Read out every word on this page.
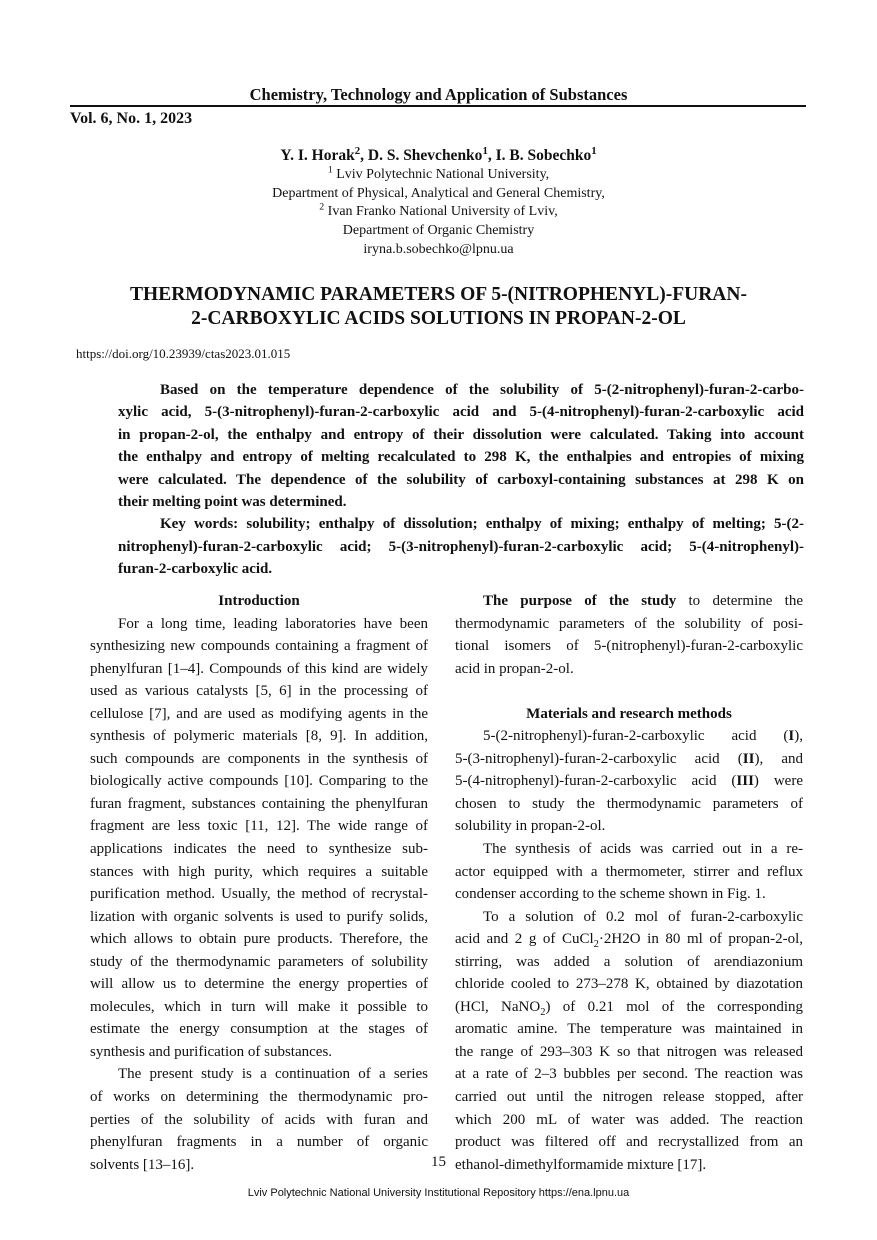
Chemistry, Technology and Application of Substances
Vol. 6, No. 1, 2023
Y. I. Horak$^2$, D. S. Shevchenko$^1$, I. B. Sobechko$^1$
$^1$ Lviv Polytechnic National University,
Department of Physical, Analytical and General Chemistry,
$^2$ Ivan Franko National University of Lviv,
Department of Organic Chemistry
iryna.b.sobechko@lpnu.ua
THERMODYNAMIC PARAMETERS OF 5-(NITROPHENYL)-FURAN-
2-CARBOXYLIC ACIDS SOLUTIONS IN PROPAN-2-OL
https://doi.org/10.23939/ctas2023.01.015
Based on the temperature dependence of the solubility of 5-(2-nitrophenyl)-furan-2-carbo-
xylic acid, 5-(3-nitrophenyl)-furan-2-carboxylic acid and 5-(4-nitrophenyl)-furan-2-carboxylic acid
in propan-2-ol, the enthalpy and entropy of their dissolution were calculated. Taking into account
the enthalpy and entropy of melting recalculated to 298 K, the enthalpies and entropies of mixing
were calculated. The dependence of the solubility of carboxyl-containing substances at 298 K on
their melting point was determined.
Key words: solubility; enthalpy of dissolution; enthalpy of mixing; enthalpy of melting; 5-(2-
nitrophenyl)-furan-2-carboxylic acid; 5-(3-nitrophenyl)-furan-2-carboxylic acid; 5-(4-nitrophenyl)-
furan-2-carboxylic acid.
Introduction
For a long time, leading laboratories have been
synthesizing new compounds containing a fragment of
phenylfuran [1–4]. Compounds of this kind are widely
used as various catalysts [5, 6] in the processing of
cellulose [7], and are used as modifying agents in the
synthesis of polymeric materials [8, 9]. In addition,
such compounds are components in the synthesis of
biologically active compounds [10]. Comparing to the
furan fragment, substances containing the phenylfuran
fragment are less toxic [11, 12]. The wide range of
applications indicates the need to synthesize sub-
stances with high purity, which requires a suitable
purification method. Usually, the method of recrystal-
lization with organic solvents is used to purify solids,
which allows to obtain pure products. Therefore, the
study of the thermodynamic parameters of solubility
will allow us to determine the energy properties of
molecules, which in turn will make it possible to
estimate the energy consumption at the stages of
synthesis and purification of substances.
The present study is a continuation of a series
of works on determining the thermodynamic pro-
perties of the solubility of acids with furan and
phenylfuran fragments in a number of organic
solvents [13–16].
The purpose of the study to determine the
thermodynamic parameters of the solubility of posi-
tional isomers of 5-(nitrophenyl)-furan-2-carboxylic
acid in propan-2-ol.
Materials and research methods
5-(2-nitrophenyl)-furan-2-carboxylic acid (I),
5-(3-nitrophenyl)-furan-2-carboxylic acid (II), and
5-(4-nitrophenyl)-furan-2-carboxylic acid (III) were
chosen to study the thermodynamic parameters of
solubility in propan-2-ol.
The synthesis of acids was carried out in a re-
actor equipped with a thermometer, stirrer and reflux
condenser according to the scheme shown in Fig. 1.
To a solution of 0.2 mol of furan-2-carboxylic
acid and 2 g of CuCl$_2$·2H2O in 80 ml of propan-2-ol,
stirring, was added a solution of arendiazonium
chloride cooled to 273–278 K, obtained by diazotation
(HCl, NaNO$_2$) of 0.21 mol of the corresponding
aromatic amine. The temperature was maintained in
the range of 293–303 K so that nitrogen was released
at a rate of 2–3 bubbles per second. The reaction was
carried out until the nitrogen release stopped, after
which 200 mL of water was added. The reaction
product was filtered off and recrystallized from an
ethanol-dimethylformamide mixture [17].
15
Lviv Polytechnic National University Institutional Repository https://ena.lpnu.ua
